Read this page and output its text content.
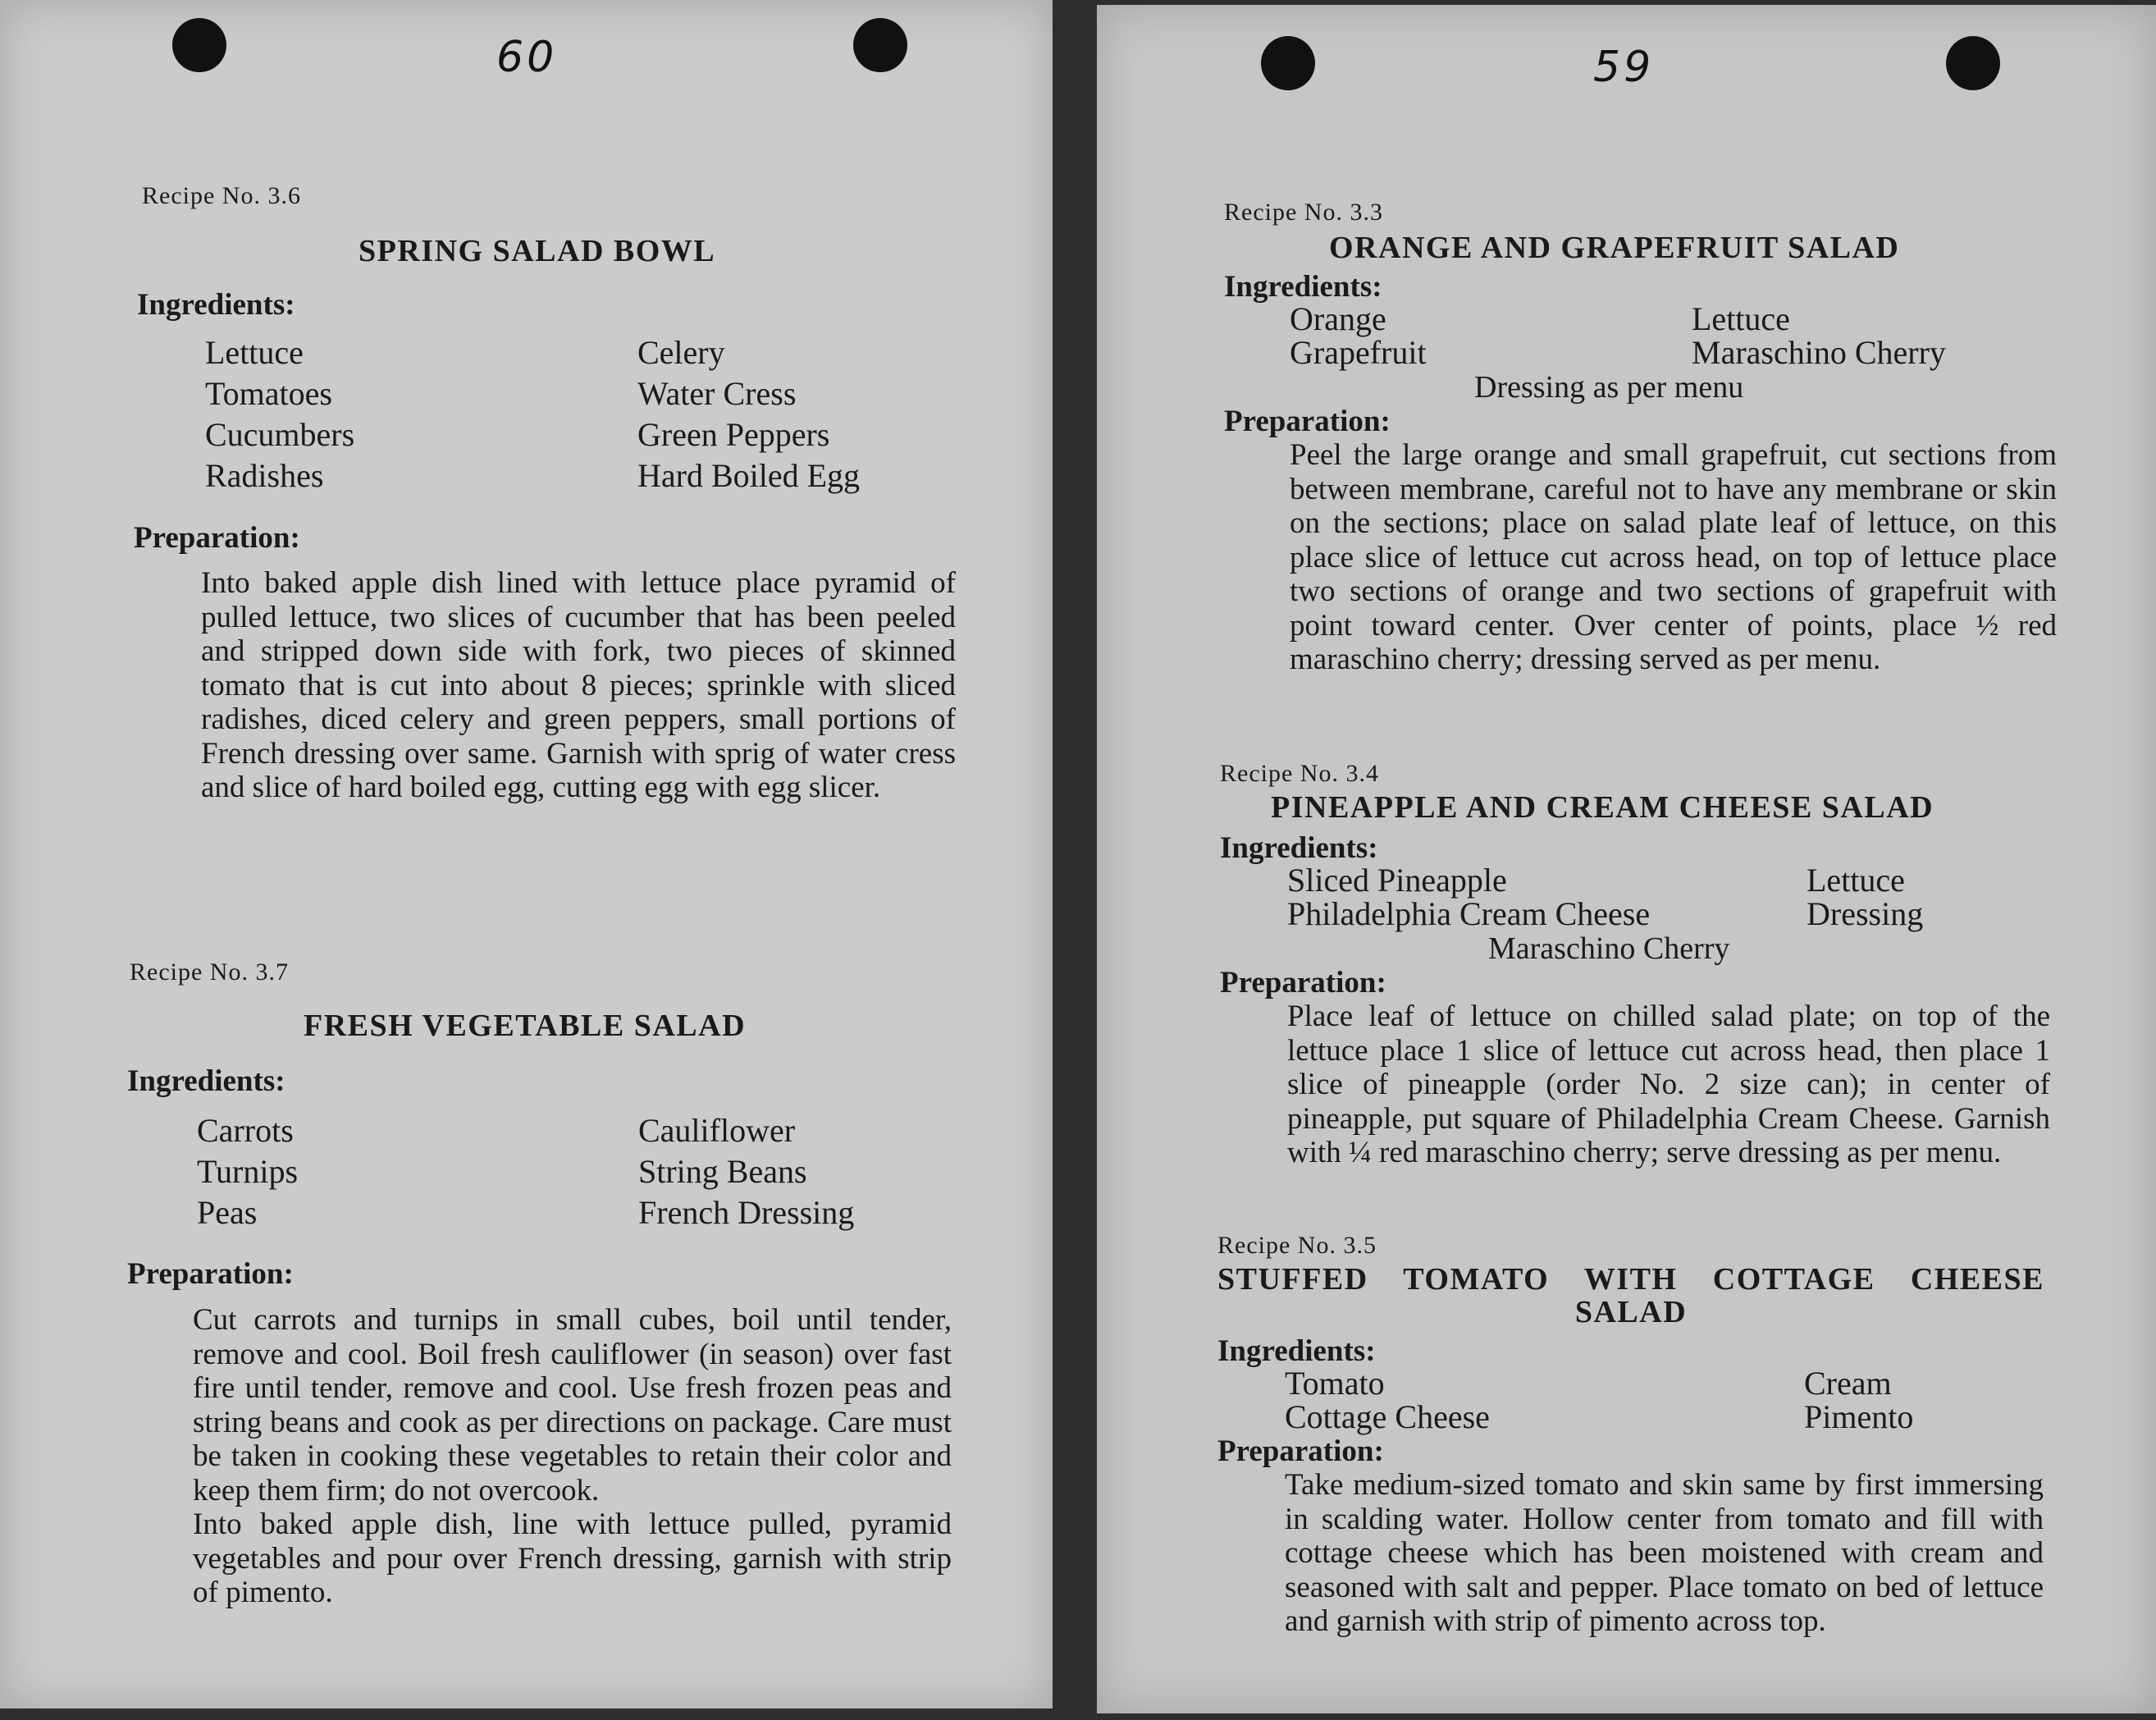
60
Recipe No. 3.6
SPRING SALAD BOWL
Ingredients:
Lettuce
Tomatoes
Cucumbers
Radishes
Celery
Water Cress
Green Peppers
Hard Boiled Egg
Preparation:

Into baked apple dish lined with lettuce place pyramid of pulled lettuce, two slices of cucumber that has been peeled and stripped down side with fork, two pieces of skinned tomato that is cut into about 8 pieces; sprinkle with sliced radishes, diced celery and green peppers, small portions of French dressing over same. Garnish with sprig of water cress and slice of hard boiled egg, cutting egg with egg slicer.

Recipe No. 3.7
FRESH VEGETABLE SALAD
Ingredients:
Carrots
Turnips
Peas
Cauliflower
String Beans
French Dressing
Preparation:

Cut carrots and turnips in small cubes, boil until tender, remove and cool. Boil fresh cauliflower (in season) over fast fire until tender, remove and cool. Use fresh frozen peas and string beans and cook as per directions on package. Care must be taken in cooking these vegetables to retain their color and keep them firm; do not overcook.

Into baked apple dish, line with lettuce pulled, pyramid vegetables and pour over French dressing, garnish with strip of pimento.

59
Recipe No. 3.3
ORANGE AND GRAPEFRUIT SALAD
Ingredients:
Orange
Grapefruit
Lettuce
Maraschino Cherry
Dressing as per menu
Preparation:

Peel the large orange and small grapefruit, cut sections from between membrane, careful not to have any membrane or skin on the sections; place on salad plate leaf of lettuce, on this place slice of lettuce cut across head, on top of lettuce place two sections of orange and two sections of grapefruit with point toward center. Over center of points, place ½ red maraschino cherry; dressing served as per menu.

Recipe No. 3.4
PINEAPPLE AND CREAM CHEESE SALAD
Ingredients:
Sliced Pineapple
Philadelphia Cream Cheese
Lettuce
Dressing
Maraschino Cherry
Preparation:

Place leaf of lettuce on chilled salad plate; on top of the lettuce place 1 slice of lettuce cut across head, then place 1 slice of pineapple (order No. 2 size can); in center of pineapple, put square of Philadelphia Cream Cheese. Garnish with ¼ red maraschino cherry; serve dressing as per menu.

Recipe No. 3.5
STUFFED TOMATO WITH COTTAGE CHEESE
SALAD
Ingredients:
Tomato
Cottage Cheese
Cream
Pimento
Preparation:

Take medium-sized tomato and skin same by first immersing in scalding water. Hollow center from tomato and fill with cottage cheese which has been moistened with cream and seasoned with salt and pepper. Place tomato on bed of lettuce and garnish with strip of pimento across top.
